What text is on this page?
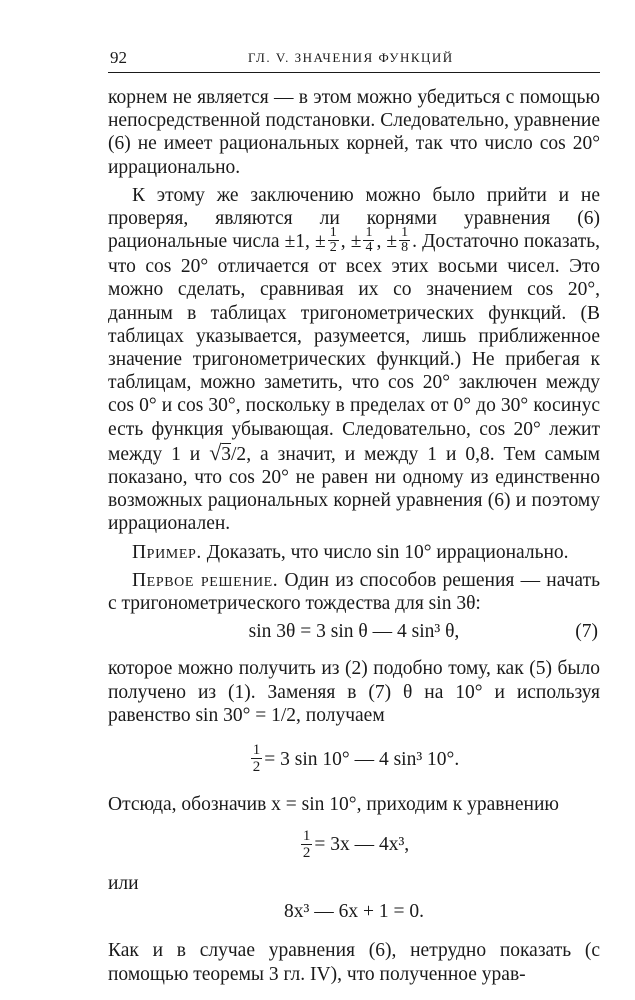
92	ГЛ. V. ЗНАЧЕНИЯ ФУНКЦИЙ

корнем не является — в этом можно убедиться с помощью непосредственной подстановки. Следовательно, уравнение (6) не имеет рациональных корней, так что число cos 20° иррационально.

К этому же заключению можно было прийти и не проверяя, являются ли корнями уравнения (6) рациональные числа ±1, ± $\frac{1}{2}$ , ± $\frac{1}{4}$ , ± $\frac{1}{8}$ . Достаточно показать, что cos 20° отличается от всех этих восьми чисел. Это можно сделать, сравнивая их со значением cos 20°, данным в таблицах тригонометрических функций. (В таблицах указывается, разумеется, лишь приближенное значение тригонометрических функций.) Не прибегая к таблицам, можно заметить, что cos 20° заключен между cos 0° и cos 30°, поскольку в пределах от 0° до 30° косинус есть функция убывающая. Следовательно, cos 20° лежит между 1 и √3/2, а значит, и между 1 и 0,8. Тем самым показано, что cos 20° не равен ни одному из единственно возможных рациональных корней уравнения (6) и поэтому иррационален.

Пример. Доказать, что число sin 10° иррационально.

Первое решение. Один из способов решения — начать с тригонометрического тождества для sin 3θ:

sin 3θ = 3 sin θ — 4 sin³ θ,	(7)

которое можно получить из (2) подобно тому, как (5) было получено из (1). Заменяя в (7) θ на 10° и используя равенство sin 30° = 1/2, получаем

$\frac{1}{2} = 3$ sin 10° — 4 sin³ 10°.

Отсюда, обозначив x = sin 10°, приходим к уравнению

$\frac{1}{2} = 3x$ — 4x³,

или

8x³ — 6x + 1 = 0.

Как и в случае уравнения (6), нетрудно показать (с помощью теоремы 3 гл. IV), что полученное урав-
